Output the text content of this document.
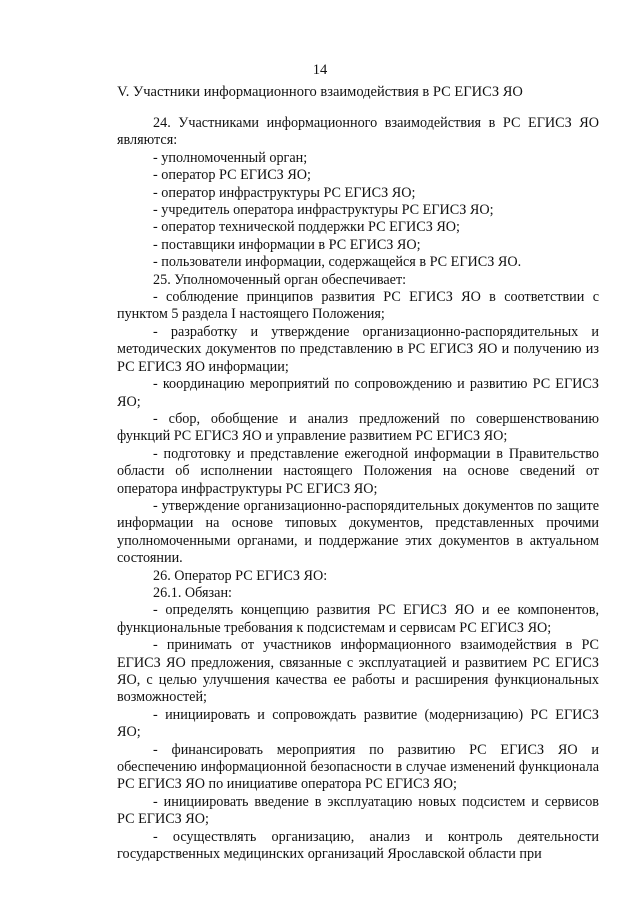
14
V. Участники информационного взаимодействия в РС ЕГИСЗ ЯО

24. Участниками информационного взаимодействия в РС ЕГИСЗ ЯО являются:

- уполномоченный орган;

- оператор РС ЕГИСЗ ЯО;

- оператор инфраструктуры РС ЕГИСЗ ЯО;

- учредитель оператора инфраструктуры РС ЕГИСЗ ЯО;

- оператор технической поддержки РС ЕГИСЗ ЯО;

- поставщики информации в РС ЕГИСЗ ЯО;

- пользователи информации, содержащейся в РС ЕГИСЗ ЯО.

25. Уполномоченный орган обеспечивает:

- соблюдение принципов развития РС ЕГИСЗ ЯО в соответствии с пунктом 5 раздела I настоящего Положения;

- разработку и утверждение организационно-распорядительных и методических документов по представлению в РС ЕГИСЗ ЯО и получению из РС ЕГИСЗ ЯО информации;

- координацию мероприятий по сопровождению и развитию РС ЕГИСЗ ЯО;

- сбор, обобщение и анализ предложений по совершенствованию функций РС ЕГИСЗ ЯО и управление развитием РС ЕГИСЗ ЯО;

- подготовку и представление ежегодной информации в Правительство области об исполнении настоящего Положения на основе сведений от оператора инфраструктуры РС ЕГИСЗ ЯО;

- утверждение организационно-распорядительных документов по защите информации на основе типовых документов, представленных прочими уполномоченными органами, и поддержание этих документов в актуальном состоянии.

26. Оператор РС ЕГИСЗ ЯО:

26.1. Обязан:

- определять концепцию развития РС ЕГИСЗ ЯО и ее компонентов, функциональные требования к подсистемам и сервисам РС ЕГИСЗ ЯО;

- принимать от участников информационного взаимодействия в РС ЕГИСЗ ЯО предложения, связанные с эксплуатацией и развитием РС ЕГИСЗ ЯО, с целью улучшения качества ее работы и расширения функциональных возможностей;

- инициировать и сопровождать развитие (модернизацию) РС ЕГИСЗ ЯО;

- финансировать мероприятия по развитию РС ЕГИСЗ ЯО и обеспечению информационной безопасности в случае изменений функционала РС ЕГИСЗ ЯО по инициативе оператора РС ЕГИСЗ ЯО;

- инициировать введение в эксплуатацию новых подсистем и сервисов РС ЕГИСЗ ЯО;

- осуществлять организацию, анализ и контроль деятельности государственных медицинских организаций Ярославской области при
